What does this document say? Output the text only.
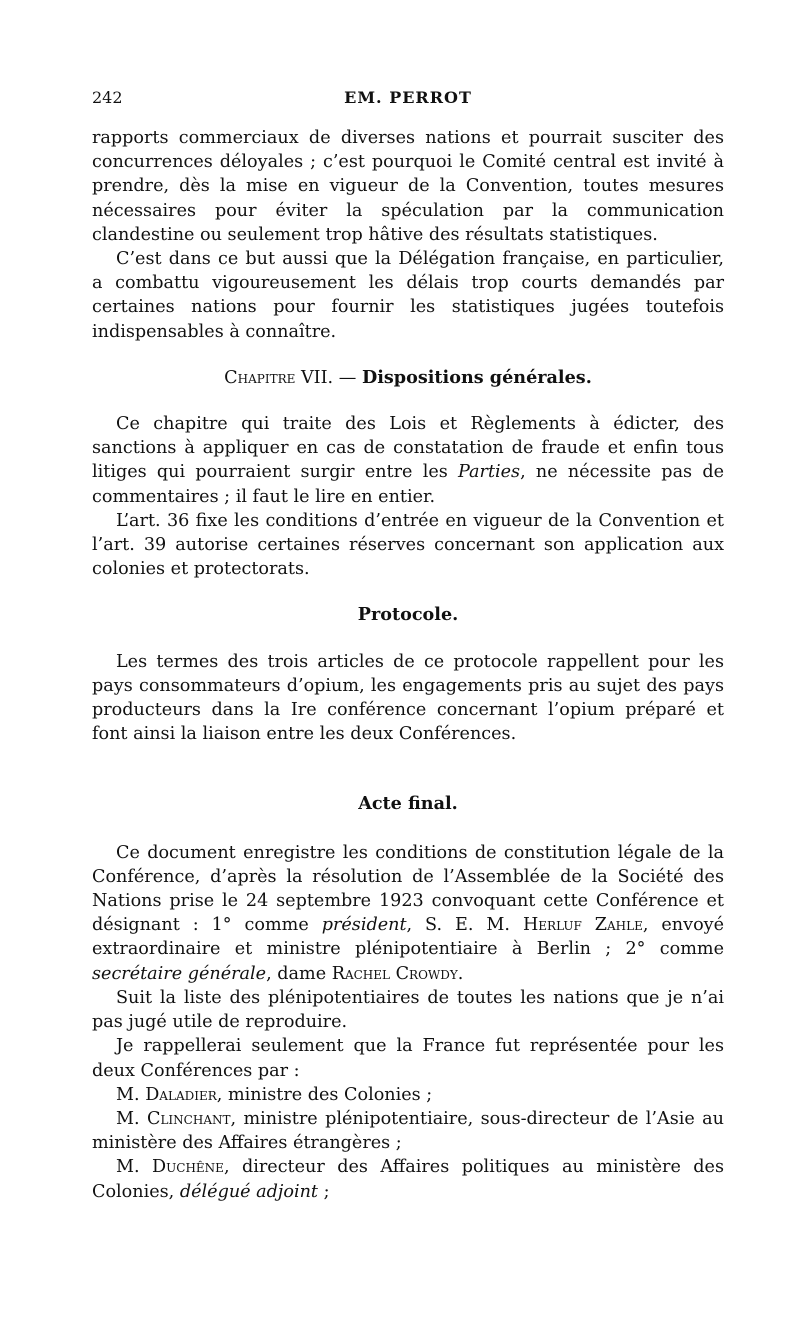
242	EM. PERROT

rapports commerciaux de diverses nations et pourrait susciter des concurrences déloyales ; c’est pourquoi le Comité central est invité à prendre, dès la mise en vigueur de la Convention, toutes mesures nécessaires pour éviter la spéculation par la communication clandestine ou seulement trop hâtive des résultats statistiques.

C’est dans ce but aussi que la Délégation française, en particulier, a combattu vigoureusement les délais trop courts demandés par certaines nations pour fournir les statistiques jugées toutefois indispensables à connaître.

Chapitre VII. — Dispositions générales.

Ce chapitre qui traite des Lois et Règlements à édicter, des sanctions à appliquer en cas de constatation de fraude et enfin tous litiges qui pourraient surgir entre les Parties, ne nécessite pas de commentaires ; il faut le lire en entier.

L’art. 36 fixe les conditions d’entrée en vigueur de la Convention et l’art. 39 autorise certaines réserves concernant son application aux colonies et protectorats.

Protocole.

Les termes des trois articles de ce protocole rappellent pour les pays consommateurs d’opium, les engagements pris au sujet des pays producteurs dans la Ire conférence concernant l’opium préparé et font ainsi la liaison entre les deux Conférences.

Acte final.

Ce document enregistre les conditions de constitution légale de la Conférence, d’après la résolution de l’Assemblée de la Société des Nations prise le 24 septembre 1923 convoquant cette Conférence et désignant : 1° comme président, S. E. M. Herluf Zahle, envoyé extraordinaire et ministre plénipotentiaire à Berlin ; 2° comme secrétaire générale, dame Rachel Crowdy.

Suit la liste des plénipotentiaires de toutes les nations que je n’ai pas jugé utile de reproduire.

Je rappellerai seulement que la France fut représentée pour les deux Conférences par :

M. Daladier, ministre des Colonies ;

M. Clinchant, ministre plénipotentiaire, sous-directeur de l’Asie au ministère des Affaires étrangères ;

M. Duchêne, directeur des Affaires politiques au ministère des Colonies, délégué adjoint ;
